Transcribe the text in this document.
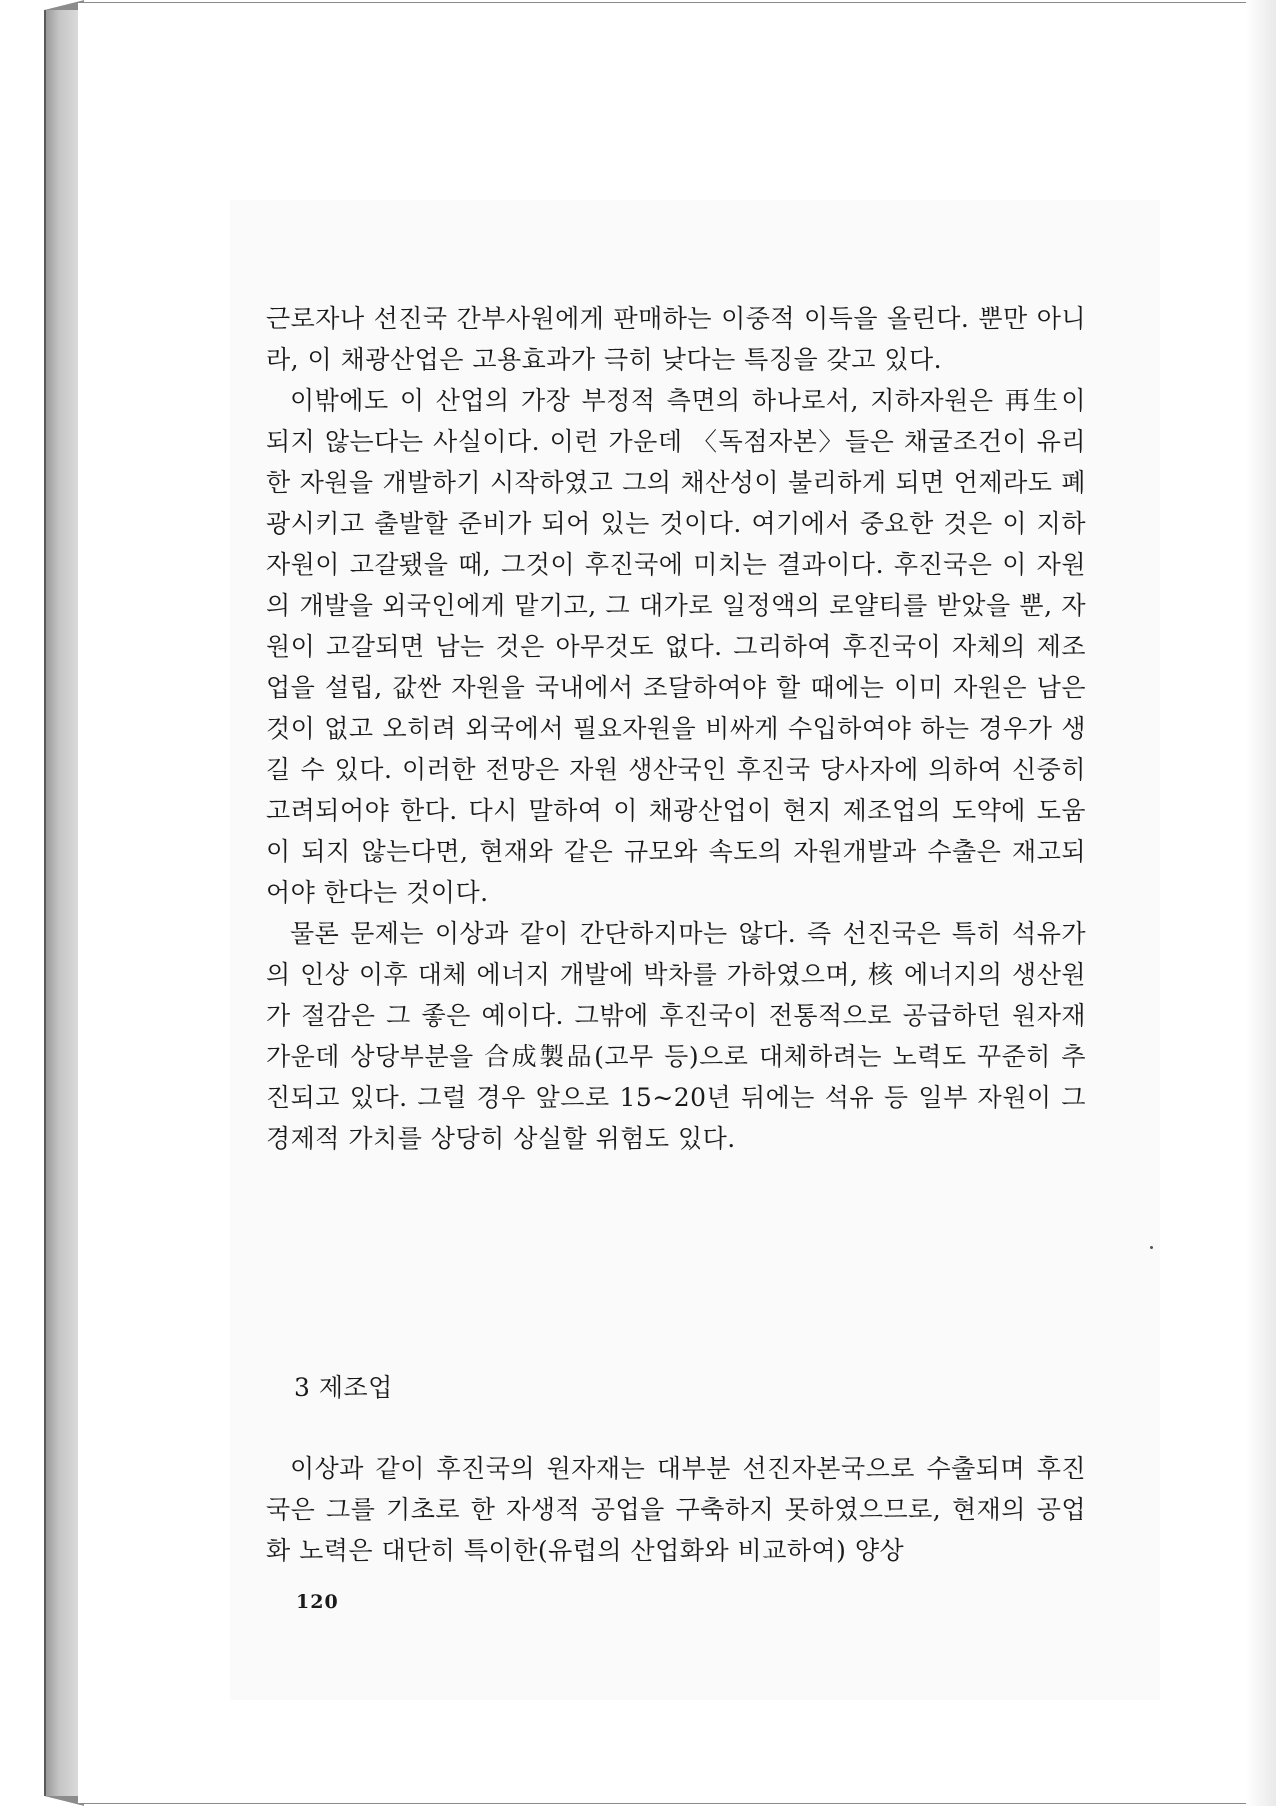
근로자나 선진국 간부사원에게 판매하는 이중적 이득을 올린다. 뿐만 아니라, 이 채광산업은 고용효과가 극히 낮다는 특징을 갖고 있다.

이밖에도 이 산업의 가장 부정적 측면의 하나로서, 지하자원은 再生이 되지 않는다는 사실이다. 이런 가운데 〈독점자본〉들은 채굴조건이 유리한 자원을 개발하기 시작하였고 그의 채산성이 불리하게 되면 언제라도 폐광시키고 출발할 준비가 되어 있는 것이다. 여기에서 중요한 것은 이 지하자원이 고갈됐을 때, 그것이 후진국에 미치는 결과이다. 후진국은 이 자원의 개발을 외국인에게 맡기고, 그 대가로 일정액의 로얄티를 받았을 뿐, 자원이 고갈되면 남는 것은 아무것도 없다. 그리하여 후진국이 자체의 제조업을 설립, 값싼 자원을 국내에서 조달하여야 할 때에는 이미 자원은 남은 것이 없고 오히려 외국에서 필요자원을 비싸게 수입하여야 하는 경우가 생길 수 있다. 이러한 전망은 자원 생산국인 후진국 당사자에 의하여 신중히 고려되어야 한다. 다시 말하여 이 채광산업이 현지 제조업의 도약에 도움이 되지 않는다면, 현재와 같은 규모와 속도의 자원개발과 수출은 재고되어야 한다는 것이다.

물론 문제는 이상과 같이 간단하지마는 않다. 즉 선진국은 특히 석유가의 인상 이후 대체 에너지 개발에 박차를 가하였으며, 核 에너지의 생산원가 절감은 그 좋은 예이다. 그밖에 후진국이 전통적으로 공급하던 원자재 가운데 상당부분을 合成製品(고무 등)으로 대체하려는 노력도 꾸준히 추진되고 있다. 그럴 경우 앞으로 15∼20년 뒤에는 석유 등 일부 자원이 그 경제적 가치를 상당히 상실할 위험도 있다.

3 제조업

이상과 같이 후진국의 원자재는 대부분 선진자본국으로 수출되며 후진국은 그를 기초로 한 자생적 공업을 구축하지 못하였으므로, 현재의 공업화 노력은 대단히 특이한(유럽의 산업화와 비교하여) 양상

120
